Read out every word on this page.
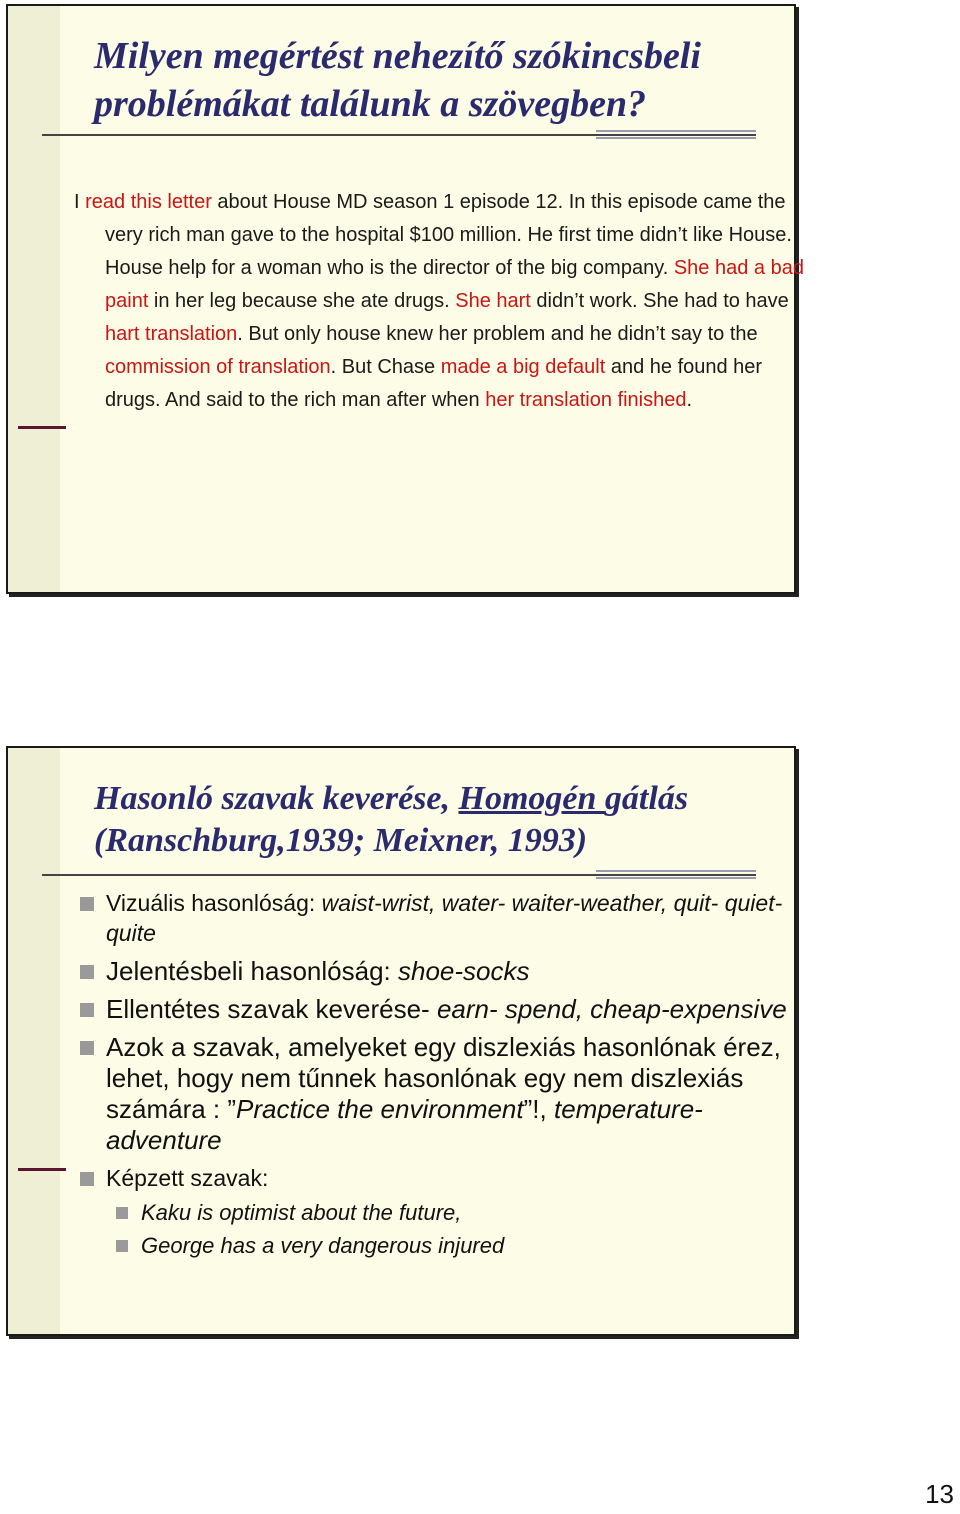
Milyen megértést nehezítő szókincsbeli
problémákat találunk a szövegben?

I read this letter about House MD season 1 episode 12. In this episode came the very rich man gave to the hospital $100 million. He first time didn’t like House. House help for a woman who is the director of the big company. She had a bad paint in her leg because she ate drugs. She hart didn’t work. She had to have hart translation. But only house knew her problem and he didn’t say to the commission of translation. But Chase made a big default and he found her drugs. And said to the rich man after when her translation finished.

Hasonló szavak keverése, Homogén gátlás
(Ranschburg,1939; Meixner, 1993)
Vizuális hasonlóság: waist-wrist, water- waiter-weather, quit- quiet-quite
Jelentésbeli hasonlóság: shoe-socks
Ellentétes szavak keverése- earn- spend, cheap-expensive
Azok a szavak, amelyeket egy diszlexiás hasonlónak érez, lehet, hogy nem tűnnek hasonlónak egy nem diszlexiás számára : ”Practice the environment”!, temperature-adventure
Képzett szavak:
Kaku is optimist about the future,
George has a very dangerous injured
13
